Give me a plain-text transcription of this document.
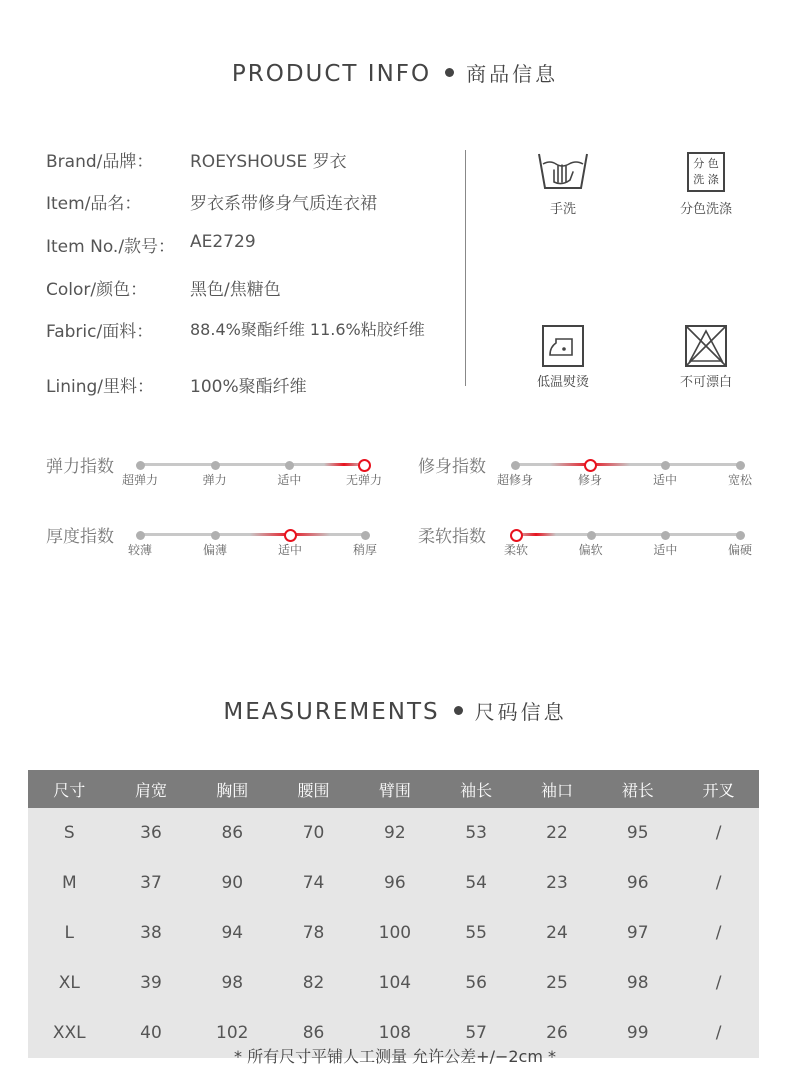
PRODUCT INFO 商品信息
Brand/品牌： ROEYSHOUSE 罗衣
Item/品名：	罗衣系带修身气质连衣裙
Item No./款号： AE2729
Color/颜色：	黑色/焦糖色
Fabric/面料： 88.4%聚酯纤维 11.6%粘胶纤维
Lining/里料： 100%聚酯纤维
手洗
分 色
洗 涤
分色洗涤
低温熨烫	不可漂白
弹力指数
超弹力	弹力	适中	无弹力
修身指数
超修身	修身	适中	宽松
厚度指数
较薄	偏薄	适中	稍厚
柔软指数
柔软	偏软	适中	偏硬
MEASUREMENTS 尺码信息
尺寸	肩宽	胸围	腰围	臂围	袖长	袖口	裙长	开叉
S	36	86	70	92	53	22	95	/
M	37	90	74	96	54	23	96	/
L	38	94	78	100	55	24	97	/
XL	39	98	82	104	56	25	98	/
XXL	40	102	86	108	57	26	99	/
* 所有尺寸平铺人工测量 允许公差+/−2cm *
